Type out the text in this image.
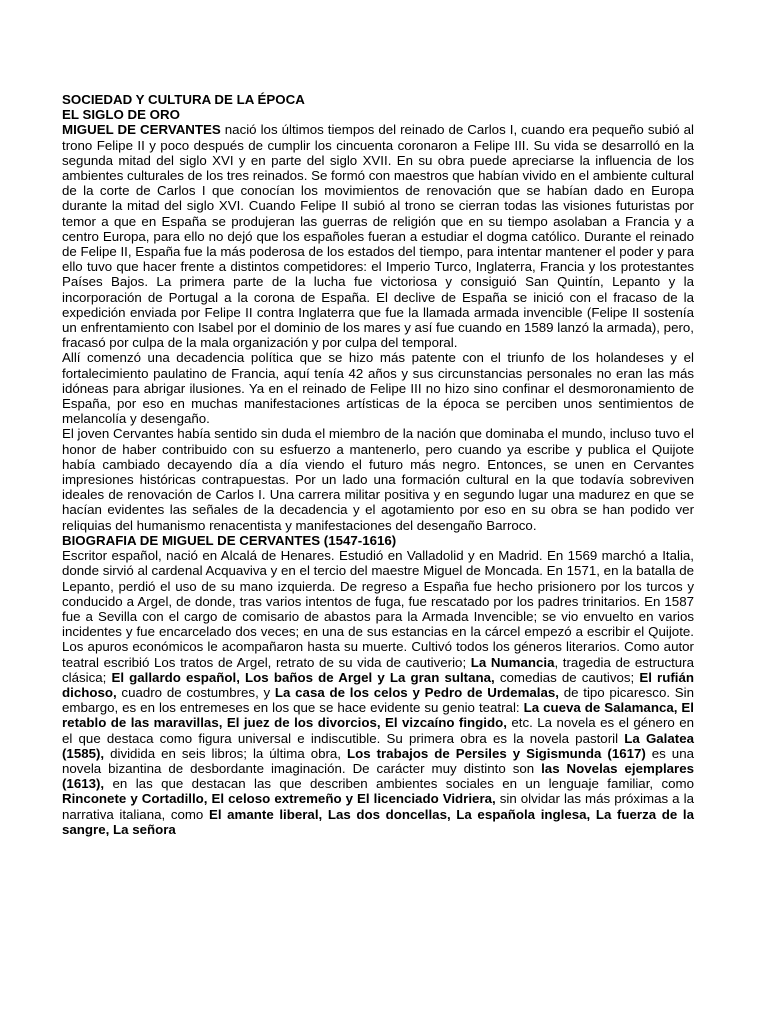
SOCIEDAD Y CULTURA DE LA ÉPOCA

EL SIGLO DE ORO

MIGUEL DE CERVANTES nació los últimos tiempos del reinado de Carlos I, cuando era pequeño subió al trono Felipe II y poco después de cumplir los cincuenta coronaron a Felipe III. Su vida se desarrolló en la segunda mitad del siglo XVI y en parte del siglo XVII. En su obra puede apreciarse la influencia de los ambientes culturales de los tres reinados. Se formó con maestros que habían vivido en el ambiente cultural de la corte de Carlos I que conocían los movimientos de renovación que se habían dado en Europa durante la mitad del siglo XVI. Cuando Felipe II subió al trono se cierran todas las visiones futuristas por temor a que en España se produjeran las guerras de religión que en su tiempo asolaban a Francia y a centro Europa, para ello no dejó que los españoles fueran a estudiar el dogma católico. Durante el reinado de Felipe II, España fue la más poderosa de los estados del tiempo, para intentar mantener el poder y para ello tuvo que hacer frente a distintos competidores: el Imperio Turco, Inglaterra, Francia y los protestantes Países Bajos. La primera parte de la lucha fue victoriosa y consiguió San Quintín, Lepanto y la incorporación de Portugal a la corona de España. El declive de España se inició con el fracaso de la expedición enviada por Felipe II contra Inglaterra que fue la llamada armada invencible (Felipe II sostenía un enfrentamiento con Isabel por el dominio de los mares y así fue cuando en 1589 lanzó la armada), pero, fracasó por culpa de la mala organización y por culpa del temporal.

Allí comenzó una decadencia política que se hizo más patente con el triunfo de los holandeses y el fortalecimiento paulatino de Francia, aquí tenía 42 años y sus circunstancias personales no eran las más idóneas para abrigar ilusiones. Ya en el reinado de Felipe III no hizo sino confinar el desmoronamiento de España, por eso en muchas manifestaciones artísticas de la época se perciben unos sentimientos de melancolía y desengaño.

El joven Cervantes había sentido sin duda el miembro de la nación que dominaba el mundo, incluso tuvo el honor de haber contribuido con su esfuerzo a mantenerlo, pero cuando ya escribe y publica el Quijote había cambiado decayendo día a día viendo el futuro más negro. Entonces, se unen en Cervantes impresiones históricas contrapuestas. Por un lado una formación cultural en la que todavía sobreviven ideales de renovación de Carlos I. Una carrera militar positiva y en segundo lugar una madurez en que se hacían evidentes las señales de la decadencia y el agotamiento por eso en su obra se han podido ver reliquias del humanismo renacentista y manifestaciones del desengaño Barroco.

BIOGRAFIA DE MIGUEL DE CERVANTES (1547-1616)

Escritor español, nació en Alcalá de Henares. Estudió en Valladolid y en Madrid. En 1569 marchó a Italia, donde sirvió al cardenal Acquaviva y en el tercio del maestre Miguel de Moncada. En 1571, en la batalla de Lepanto, perdió el uso de su mano izquierda. De regreso a España fue hecho prisionero por los turcos y conducido a Argel, de donde, tras varios intentos de fuga, fue rescatado por los padres trinitarios. En 1587 fue a Sevilla con el cargo de comisario de abastos para la Armada Invencible; se vio envuelto en varios incidentes y fue encarcelado dos veces; en una de sus estancias en la cárcel empezó a escribir el Quijote. Los apuros económicos le acompañaron hasta su muerte. Cultivó todos los géneros literarios. Como autor teatral escribió Los tratos de Argel, retrato de su vida de cautiverio; La Numancia, tragedia de estructura clásica; El gallardo español, Los baños de Argel y La gran sultana, comedias de cautivos; El rufián dichoso, cuadro de costumbres, y La casa de los celos y Pedro de Urdemalas, de tipo picaresco. Sin embargo, es en los entremeses en los que se hace evidente su genio teatral: La cueva de Salamanca, El retablo de las maravillas, El juez de los divorcios, El vizcaíno fingido, etc. La novela es el género en el que destaca como figura universal e indiscutible. Su primera obra es la novela pastoril La Galatea (1585), dividida en seis libros; la última obra, Los trabajos de Persiles y Sigismunda (1617) es una novela bizantina de desbordante imaginación. De carácter muy distinto son las Novelas ejemplares (1613), en las que destacan las que describen ambientes sociales en un lenguaje familiar, como Rinconete y Cortadillo, El celoso extremeño y El licenciado Vidriera, sin olvidar las más próximas a la narrativa italiana, como El amante liberal, Las dos doncellas, La española inglesa, La fuerza de la sangre, La señora
